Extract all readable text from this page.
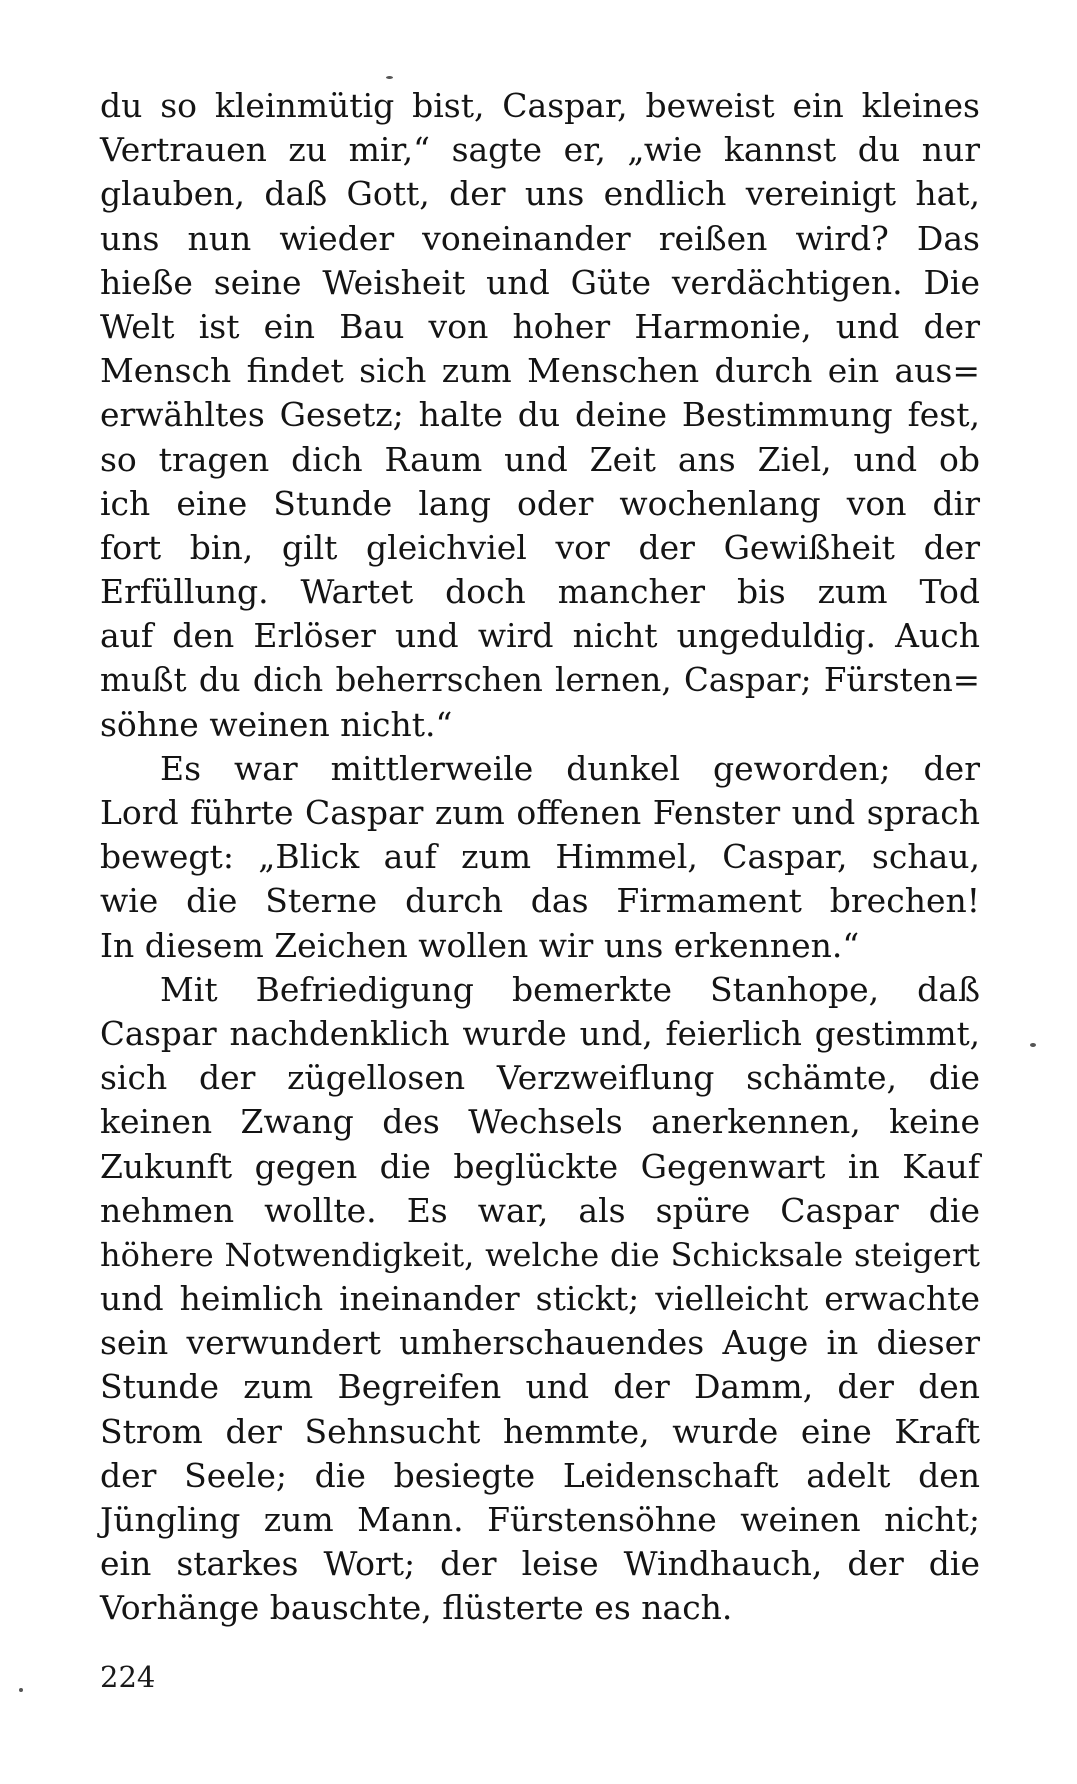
du so kleinmütig bist, Caspar, beweist ein kleines
Vertrauen zu mir,“ sagte er, „wie kannst du nur
glauben, daß Gott, der uns endlich vereinigt hat,
uns nun wieder voneinander reißen wird? Das
hieße seine Weisheit und Güte verdächtigen. Die
Welt ist ein Bau von hoher Harmonie, und der
Mensch findet sich zum Menschen durch ein aus=
erwähltes Gesetz; halte du deine Bestimmung fest,
so tragen dich Raum und Zeit ans Ziel, und ob
ich eine Stunde lang oder wochenlang von dir
fort bin, gilt gleichviel vor der Gewißheit der
Erfüllung. Wartet doch mancher bis zum Tod
auf den Erlöser und wird nicht ungeduldig. Auch
mußt du dich beherrschen lernen, Caspar; Fürsten=
söhne weinen nicht.“
Es war mittlerweile dunkel geworden; der
Lord führte Caspar zum offenen Fenster und sprach
bewegt: „Blick auf zum Himmel, Caspar, schau,
wie die Sterne durch das Firmament brechen!
In diesem Zeichen wollen wir uns erkennen.“
Mit Befriedigung bemerkte Stanhope, daß
Caspar nachdenklich wurde und, feierlich gestimmt,
sich der zügellosen Verzweiflung schämte, die
keinen Zwang des Wechsels anerkennen, keine
Zukunft gegen die beglückte Gegenwart in Kauf
nehmen wollte. Es war, als spüre Caspar die
höhere Notwendigkeit, welche die Schicksale steigert
und heimlich ineinander stickt; vielleicht erwachte
sein verwundert umherschauendes Auge in dieser
Stunde zum Begreifen und der Damm, der den
Strom der Sehnsucht hemmte, wurde eine Kraft
der Seele; die besiegte Leidenschaft adelt den
Jüngling zum Mann. Fürstensöhne weinen nicht;
ein starkes Wort; der leise Windhauch, der die
Vorhänge bauschte, flüsterte es nach.
224
